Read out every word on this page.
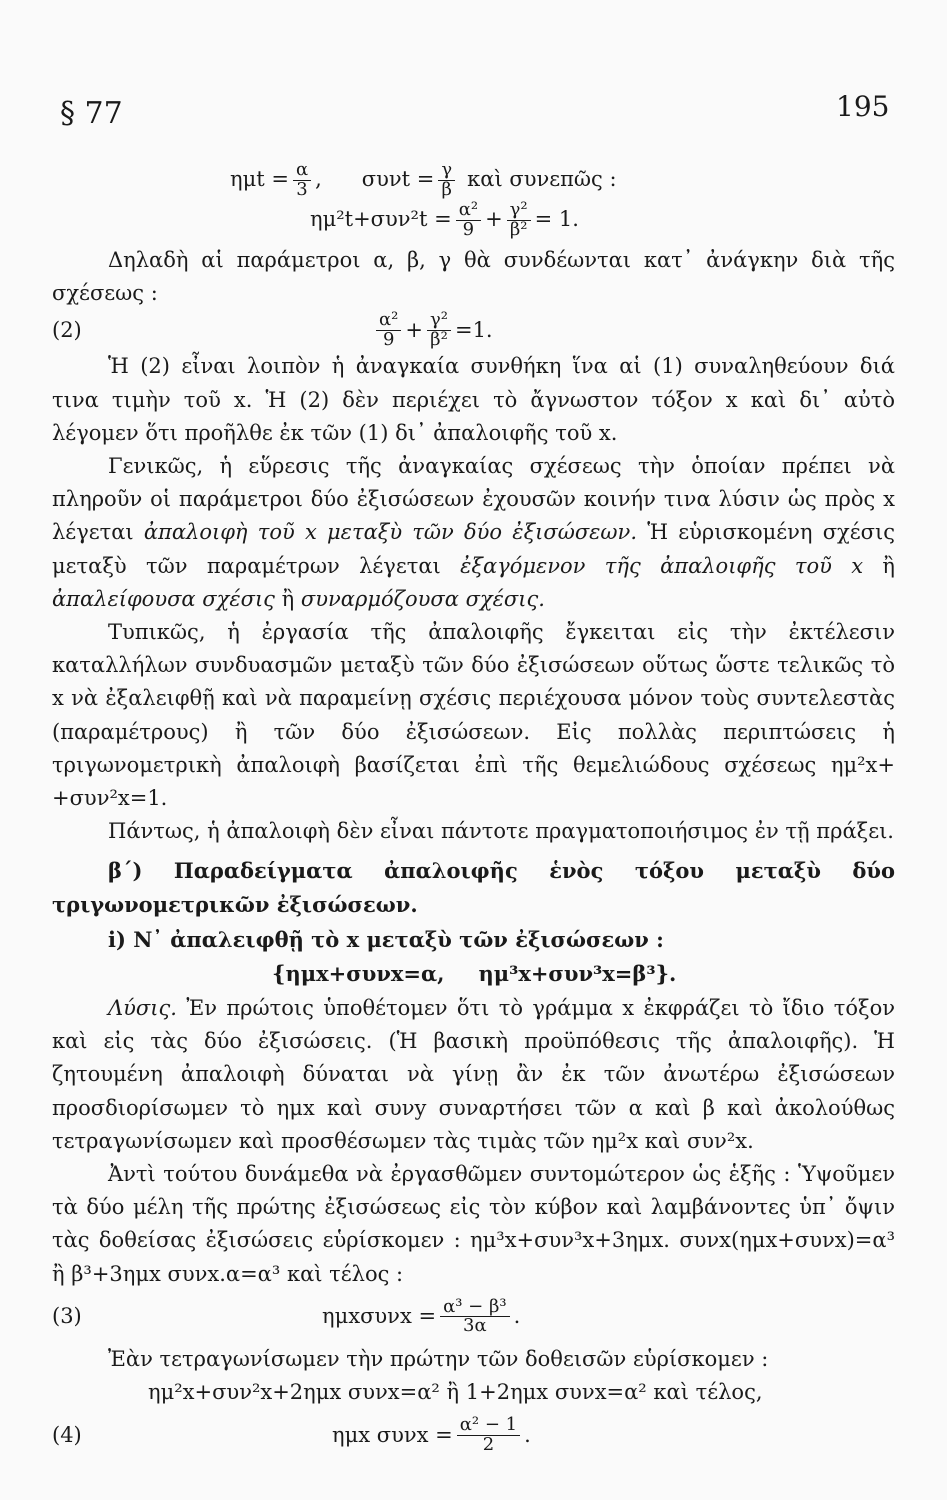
§ 77	195
$\eta\mu t = \frac{\alpha}{3}$ , $\sigma\upsilon\nu t = \frac{\gamma}{\beta}$ καὶ συνεπῶς :
$\eta\mu^2t+\sigma\upsilon\nu^2t = \frac{\text{α²}}{9} + \frac{\text{γ²}}{\text{β²}} = 1$.

Δηλαδὴ αἱ παράμετροι α, β, γ θὰ συνδέωνται κατ᾽ ἀνάγκην διὰ τῆς σχέσεως :

(2)	$\frac{\text{α²}}{9} + \frac{\text{γ²}}{\text{β²}} =1$.

Ἡ (2) εἶναι λοιπὸν ἡ ἀναγκαία συνθήκη ἵνα αἱ (1) συναληθεύουν διά τινα τιμὴν τοῦ x. Ἡ (2) δὲν περιέχει τὸ ἄγνωστον τόξον x καὶ δι᾽ αὐτὸ λέγομεν ὅτι προῆλθε ἐκ τῶν (1) δι᾽ ἀπαλοιφῆς τοῦ x.

Γενικῶς, ἡ εὕρεσις τῆς ἀναγκαίας σχέσεως τὴν ὁποίαν πρέπει νὰ πληροῦν οἱ παράμετροι δύο ἐξισώσεων ἐχουσῶν κοινήν τινα λύσιν ὡς πρὸς x λέγεται ἀπαλοιφὴ τοῦ x μεταξὺ τῶν δύο ἐξισώσεων. Ἡ εὑρισκομένη σχέσις μεταξὺ τῶν παραμέτρων λέγεται ἐξαγόμενον τῆς ἀπαλοιφῆς τοῦ x ἢ ἀπαλείφουσα σχέσις ἢ συναρμόζουσα σχέσις.

Τυπικῶς, ἡ ἐργασία τῆς ἀπαλοιφῆς ἔγκειται εἰς τὴν ἐκτέλεσιν καταλλήλων συνδυασμῶν μεταξὺ τῶν δύο ἐξισώσεων οὕτως ὥστε τελικῶς τὸ x νὰ ἐξαλειφθῇ καὶ νὰ παραμείνῃ σχέσις περιέχουσα μόνον τοὺς συντελεστὰς (παραμέτρους) ἢ τῶν δύο ἐξισώσεων. Εἰς πολλὰς περιπτώσεις ἡ τριγωνομετρικὴ ἀπαλοιφὴ βασίζεται ἐπὶ τῆς θεμελιώδους σχέσεως ημ²x+ +συν²x=1.

Πάντως, ἡ ἀπαλοιφὴ δὲν εἶναι πάντοτε πραγματοποιήσιμος ἐν τῇ πράξει.

β΄) Παραδείγματα ἀπαλοιφῆς ἑνὸς τόξου μεταξὺ δύο τριγωνομετρικῶν ἐξισώσεων.

i) Ν᾽ ἀπαλειφθῇ τὸ x μεταξὺ τῶν ἐξισώσεων :

{ημx+συνx=α, ημ³x+συν³x=β³}.

Λύσις. Ἐν πρώτοις ὑποθέτομεν ὅτι τὸ γράμμα x ἐκφράζει τὸ ἴδιο τόξον καὶ εἰς τὰς δύο ἐξισώσεις. (Ἡ βασικὴ προϋπόθεσις τῆς ἀπαλοιφῆς). Ἡ ζητουμένη ἀπαλοιφὴ δύναται νὰ γίνῃ ἂν ἐκ τῶν ἀνωτέρω ἐξισώσεων προσδιορίσωμεν τὸ ημx καὶ συνy συναρτήσει τῶν α καὶ β καὶ ἀκολούθως τετραγωνίσωμεν καὶ προσθέσωμεν τὰς τιμὰς τῶν ημ²x καὶ συν²x.

Ἀντὶ τούτου δυνάμεθα νὰ ἐργασθῶμεν συντομώτερον ὡς ἑξῆς : Ὑψοῦμεν τὰ δύο μέλη τῆς πρώτης ἐξισώσεως εἰς τὸν κύβον καὶ λαμβάνοντες ὑπ᾽ ὄψιν τὰς δοθείσας ἐξισώσεις εὑρίσκομεν : ημ³x+συν³x+3ημx. συνx(ημx+συνx)=α³ ἢ β³+3ημx συνx.α=α³ καὶ τέλος :

(3)	$\eta\mu x\sigma\upsilon\nu x = \frac{\text{α³ − β³}}{3\alpha}$ .

Ἐὰν τετραγωνίσωμεν τὴν πρώτην τῶν δοθεισῶν εὑρίσκομεν :

ημ²x+συν²x+2ημx συνx=α² ἢ 1+2ημx συνx=α² καὶ τέλος,

(4)	ημx $\sigma\upsilon\nu x = \frac{\text{α² − 1}}{2}$ .
